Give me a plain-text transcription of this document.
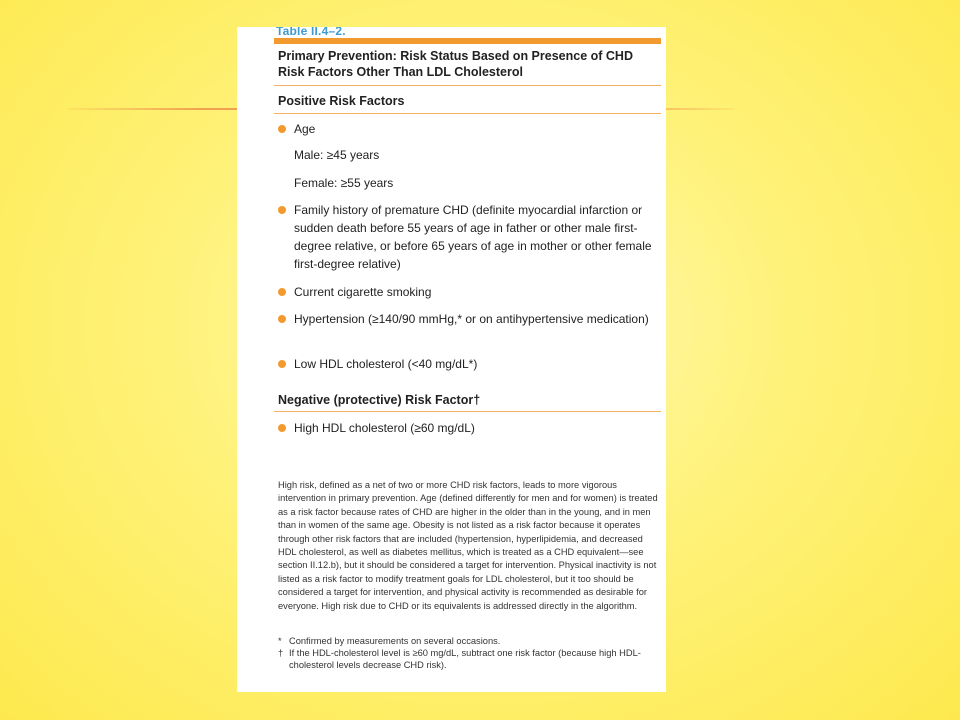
Table II.4–2.
Primary Prevention: Risk Status Based on Presence of CHD Risk Factors Other Than LDL Cholesterol
Positive Risk Factors
Age
Male: ≥45 years
Female: ≥55 years
Family history of premature CHD (definite myocardial infarction or sudden death before 55 years of age in father or other male first-degree relative, or before 65 years of age in mother or other female first-degree relative)
Current cigarette smoking
Hypertension (≥140/90 mmHg,* or on antihypertensive medication)
Low HDL cholesterol (<40 mg/dL*)
Negative (protective) Risk Factor†
High HDL cholesterol (≥60 mg/dL)
High risk, defined as a net of two or more CHD risk factors, leads to more vigorous intervention in primary prevention. Age (defined differently for men and for women) is treated as a risk factor because rates of CHD are higher in the older than in the young, and in men than in women of the same age. Obesity is not listed as a risk factor because it operates through other risk factors that are included (hypertension, hyperlipidemia, and decreased HDL cholesterol, as well as diabetes mellitus, which is treated as a CHD equivalent—see section II.12.b), but it should be considered a target for intervention. Physical inactivity is not listed as a risk factor to modify treatment goals for LDL cholesterol, but it too should be considered a target for intervention, and physical activity is recommended as desirable for everyone. High risk due to CHD or its equivalents is addressed directly in the algorithm.
* Confirmed by measurements on several occasions.
† If the HDL-cholesterol level is ≥60 mg/dL, subtract one risk factor (because high HDL-cholesterol levels decrease CHD risk).
